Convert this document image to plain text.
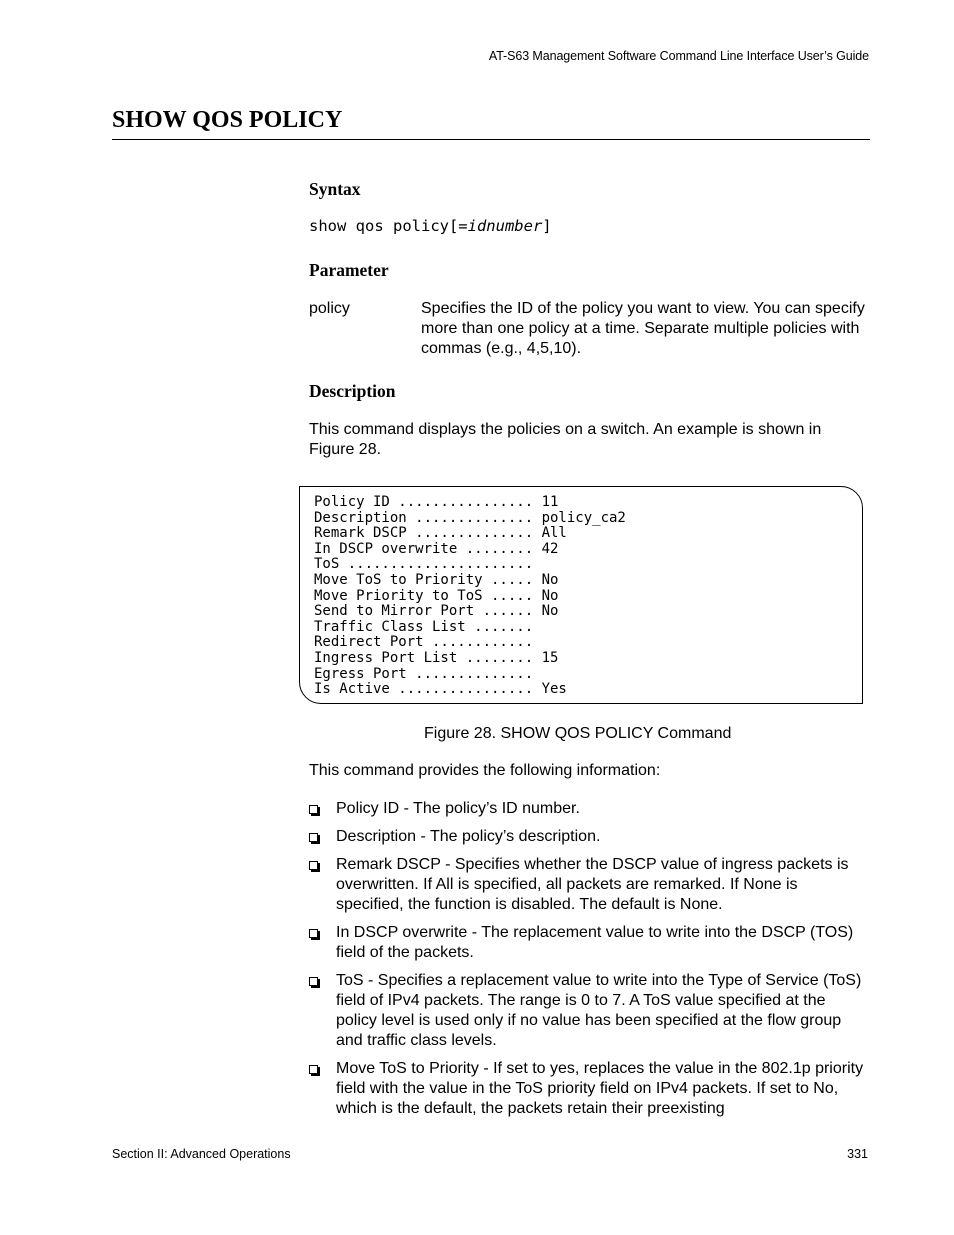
AT-S63 Management Software Command Line Interface User’s Guide
SHOW QOS POLICY
Syntax
show qos policy[=idnumber]
Parameter
policy	Specifies the ID of the policy you want to view. You can specify more than one policy at a time. Separate multiple policies with commas (e.g., 4,5,10).

Description

This command displays the policies on a switch. An example is shown in Figure 28.

This command provides the following information:

Policy ID - The policy’s ID number.
Description - The policy’s description.
Remark DSCP - Specifies whether the DSCP value of ingress packets is overwritten. If All is specified, all packets are remarked. If None is specified, the function is disabled. The default is None.
In DSCP overwrite - The replacement value to write into the DSCP (TOS) field of the packets.
ToS - Specifies a replacement value to write into the Type of Service (ToS) field of IPv4 packets. The range is 0 to 7. A ToS value specified at the policy level is used only if no value has been specified at the flow group and traffic class levels.
Move ToS to Priority - If set to yes, replaces the value in the 802.1p priority field with the value in the ToS priority field on IPv4 packets. If set to No, which is the default, the packets retain their preexisting
Policy ID ................ 11
Description .............. policy_ca2
Remark DSCP .............. All
In DSCP overwrite ........ 42
ToS ......................
Move ToS to Priority ..... No
Move Priority to ToS ..... No
Send to Mirror Port ...... No
Traffic Class List .......
Redirect Port ............
Ingress Port List ........ 15
Egress Port ..............
Is Active ................ Yes
Figure 28. SHOW QOS POLICY Command
Section II: Advanced Operations	331
